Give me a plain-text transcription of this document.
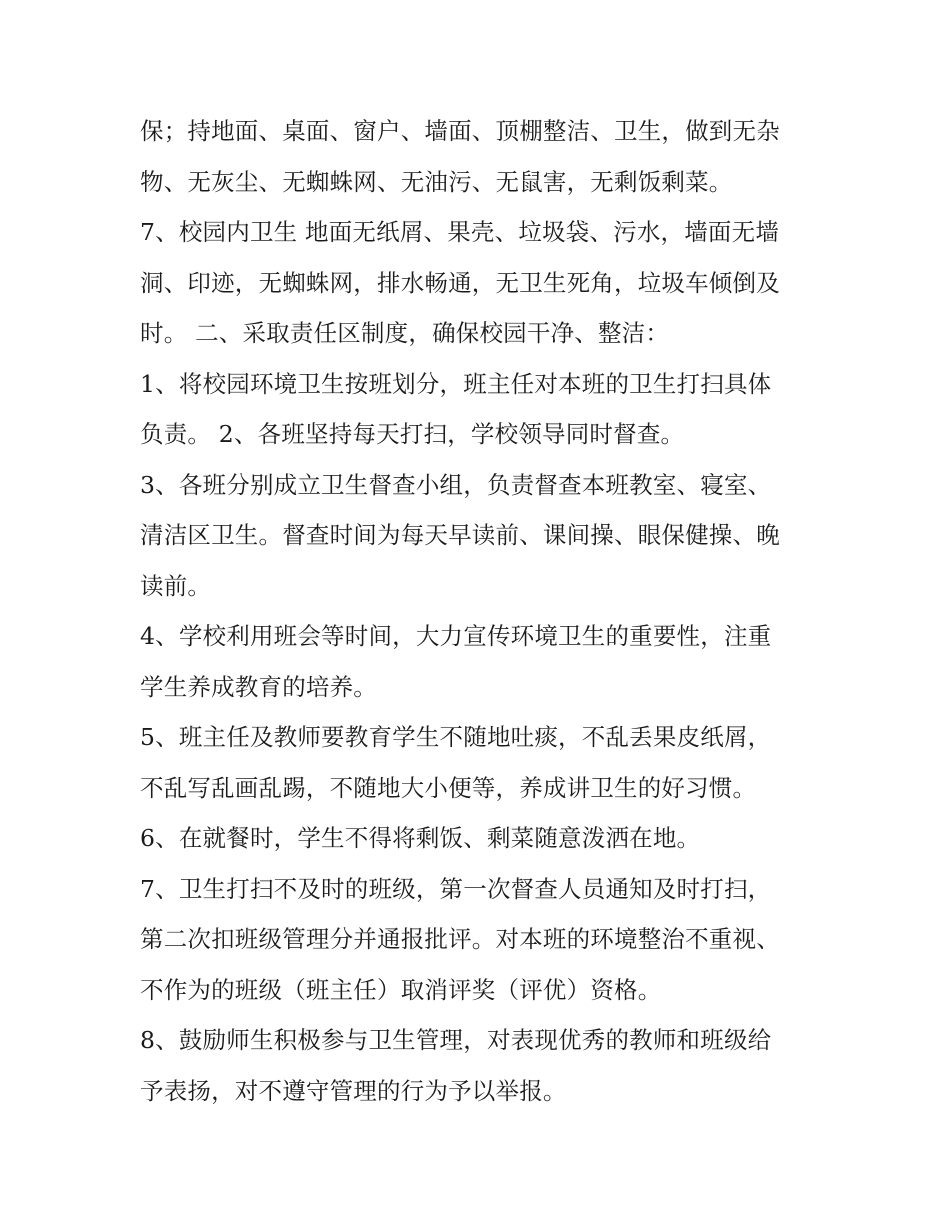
保；持地面、桌面、窗户、墙面、顶棚整洁、卫生，做到无杂
物、无灰尘、无蜘蛛网、无油污、无鼠害，无剩饭剩菜。
7、校园内卫生 地面无纸屑、果壳、垃圾袋、污水，墙面无墙
洞、印迹，无蜘蛛网，排水畅通，无卫生死角，垃圾车倾倒及
时。 二、采取责任区制度，确保校园干净、整洁：
1、将校园环境卫生按班划分，班主任对本班的卫生打扫具体
负责。 2、各班坚持每天打扫，学校领导同时督查。
3、各班分别成立卫生督查小组，负责督查本班教室、寝室、
清洁区卫生。督查时间为每天早读前、课间操、眼保健操、晚
读前。
4、学校利用班会等时间，大力宣传环境卫生的重要性，注重
学生养成教育的培养。
5、班主任及教师要教育学生不随地吐痰，不乱丢果皮纸屑，
不乱写乱画乱踢，不随地大小便等，养成讲卫生的好习惯。
6、在就餐时，学生不得将剩饭、剩菜随意泼洒在地。
7、卫生打扫不及时的班级，第一次督查人员通知及时打扫，
第二次扣班级管理分并通报批评。对本班的环境整治不重视、
不作为的班级（班主任）取消评奖（评优）资格。
8、鼓励师生积极参与卫生管理，对表现优秀的教师和班级给
予表扬，对不遵守管理的行为予以举报。
